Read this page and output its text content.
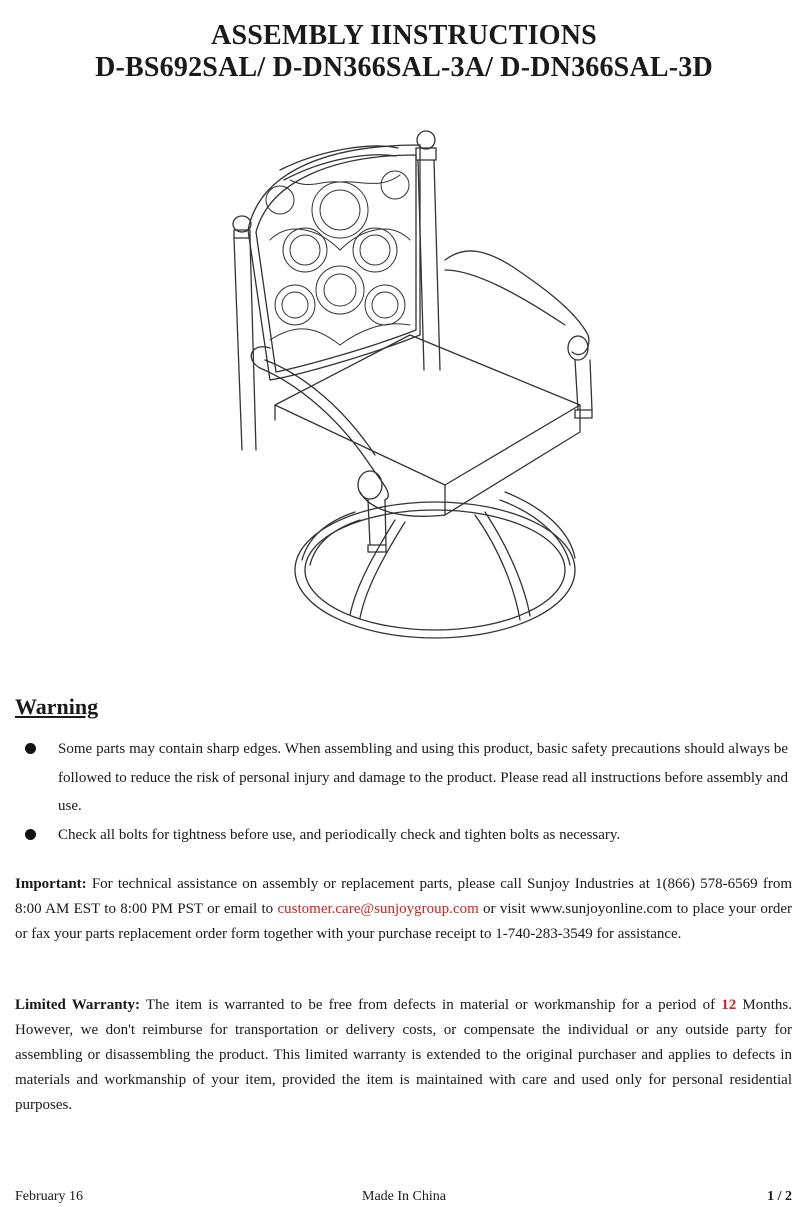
ASSEMBLY IINSTRUCTIONS
D-BS692SAL/ D-DN366SAL-3A/ D-DN366SAL-3D
Warning
Some parts may contain sharp edges. When assembling and using this product, basic safety precautions should always be followed to reduce the risk of personal injury and damage to the product. Please read all instructions before assembly and use.
Check all bolts for tightness before use, and periodically check and tighten bolts as necessary.
Important: For technical assistance on assembly or replacement parts, please call Sunjoy Industries at 1(866) 578-6569 from 8:00 AM EST to 8:00 PM PST or email to customer.care@sunjoygroup.com or visit www.sunjoyonline.com to place your order or fax your parts replacement order form together with your purchase receipt to 1-740-283-3549 for assistance.
Limited Warranty: The item is warranted to be free from defects in material or workmanship for a period of 12 Months. However, we don't reimburse for transportation or delivery costs, or compensate the individual or any outside party for assembling or disassembling the product. This limited warranty is extended to the original purchaser and applies to defects in materials and workmanship of your item, provided the item is maintained with care and used only for personal residential purposes.
February 16	Made In China	1 / 2
